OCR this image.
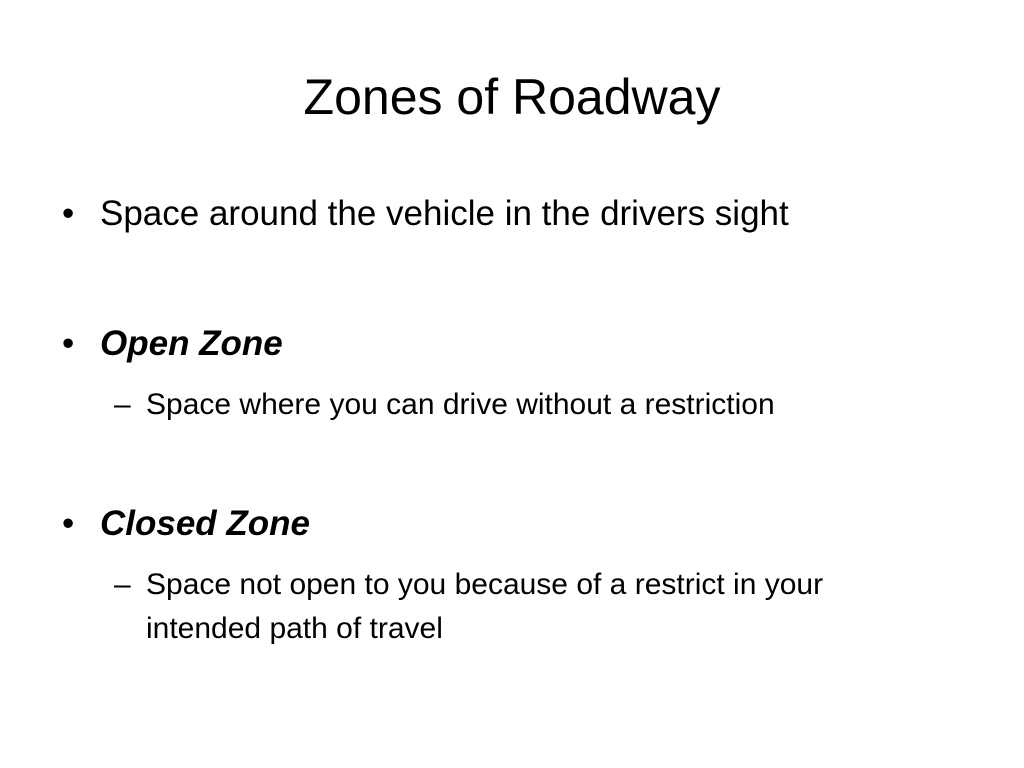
Zones of Roadway
• Space around the vehicle in the drivers sight
• Open Zone
– Space where you can drive without a restriction
• Closed Zone
– Space not open to you because of a restrict in your intended path of travel
